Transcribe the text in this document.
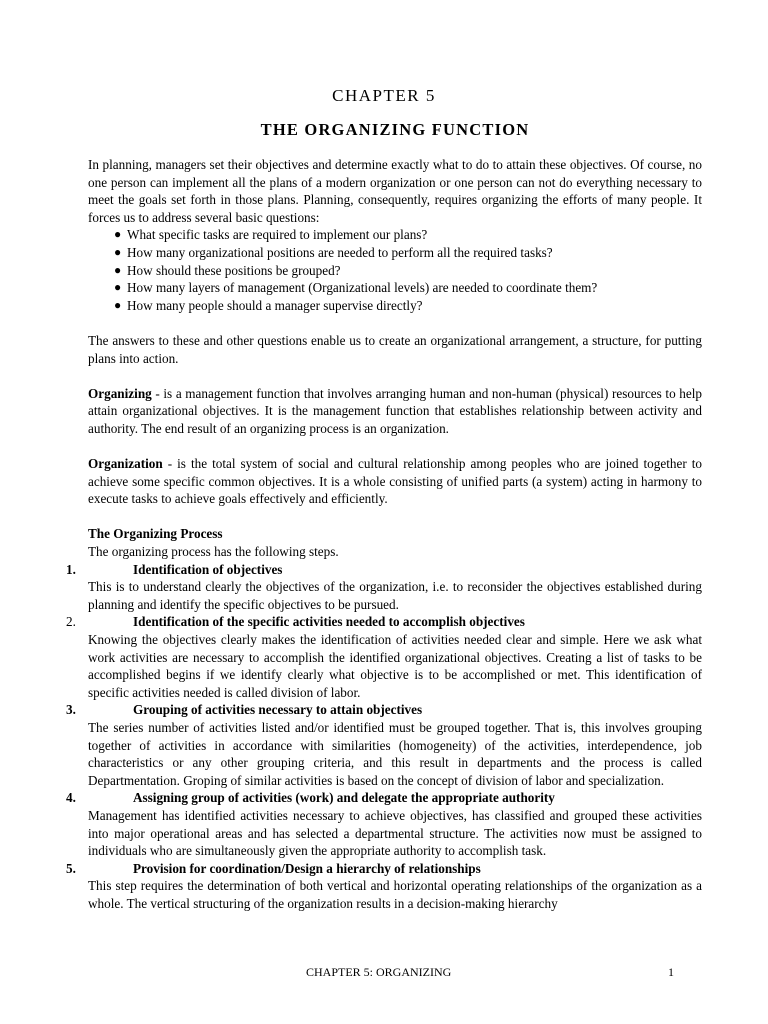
CHAPTER 5
THE ORGANIZING FUNCTION

In planning, managers set their objectives and determine exactly what to do to attain these objectives. Of course, no one person can implement all the plans of a modern organization or one person can not do everything necessary to meet the goals set forth in those plans. Planning, consequently, requires organizing the efforts of many people. It forces us to address several basic questions:

● What specific tasks are required to implement our plans?
● How many organizational positions are needed to perform all the required tasks?
● How should these positions be grouped?
● How many layers of management (Organizational levels) are needed to coordinate them?
● How many people should a manager supervise directly?

The answers to these and other questions enable us to create an organizational arrangement, a structure, for putting plans into action.

Organizing - is a management function that involves arranging human and non-human (physical) resources to help attain organizational objectives. It is the management function that establishes relationship between activity and authority. The end result of an organizing process is an organization.

Organization - is the total system of social and cultural relationship among peoples who are joined together to achieve some specific common objectives. It is a whole consisting of unified parts (a system) acting in harmony to execute tasks to achieve goals effectively and efficiently.

The Organizing Process

The organizing process has the following steps.

1.	Identification of objectives

This is to understand clearly the objectives of the organization, i.e. to reconsider the objectives established during planning and identify the specific objectives to be pursued.

2.	Identification of the specific activities needed to accomplish objectives

Knowing the objectives clearly makes the identification of activities needed clear and simple. Here we ask what work activities are necessary to accomplish the identified organizational objectives. Creating a list of tasks to be accomplished begins if we identify clearly what objective is to be accomplished or met. This identification of specific activities needed is called division of labor.

3.	Grouping of activities necessary to attain objectives

The series number of activities listed and/or identified must be grouped together. That is, this involves grouping together of activities in accordance with similarities (homogeneity) of the activities, interdependence, job characteristics or any other grouping criteria, and this result in departments and the process is called Departmentation. Groping of similar activities is based on the concept of division of labor and specialization.

4.	Assigning group of activities (work) and delegate the appropriate authority

Management has identified activities necessary to achieve objectives, has classified and grouped these activities into major operational areas and has selected a departmental structure. The activities now must be assigned to individuals who are simultaneously given the appropriate authority to accomplish task.

5.	Provision for coordination/Design a hierarchy of relationships

This step requires the determination of both vertical and horizontal operating relationships of the organization as a whole. The vertical structuring of the organization results in a decision-making hierarchy

CHAPTER 5: ORGANIZING	1
